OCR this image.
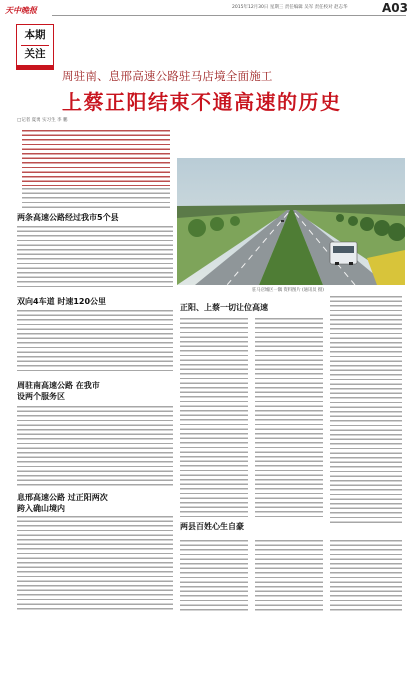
天中晚报	2015年12月30日 星期三 责任编辑 吴军 责任校对 赵志华	A03
本期
关注
周驻南、息邢高速公路驻马店境全面施工
上蔡正阳结束不通高速的历史
□记者 夏勇 实习生 李 鹏
两条高速公路经过我市5个县
双向4车道 时速120公里
周驻南高速公路 在我市设两个服务区
息邢高速公路 过正阳两次跨入确山境内
驻马店城区一隅 资料图片 (通讯员 摄)
正阳、上蔡一切让位高速
两县百姓心生自豪
